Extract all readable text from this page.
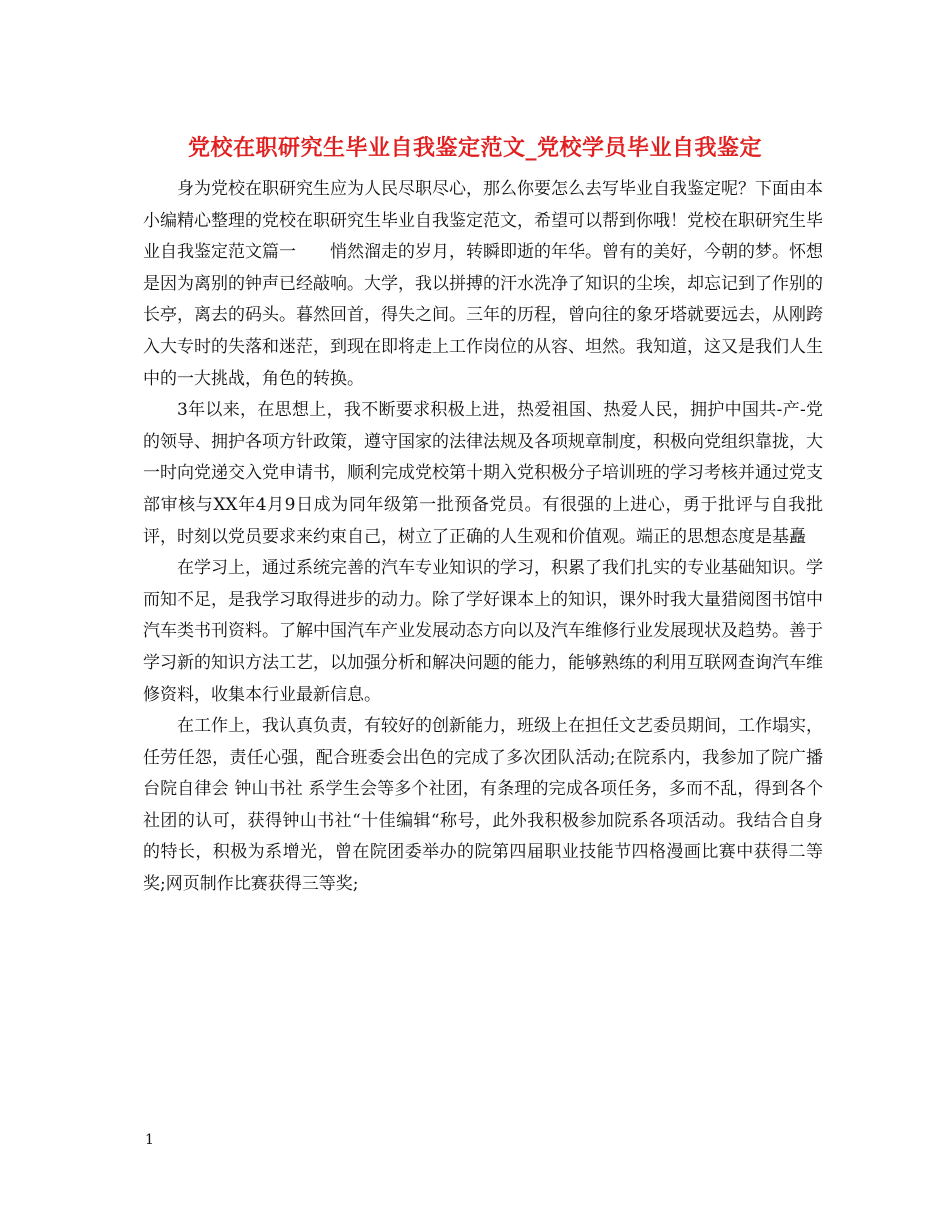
党校在职研究生毕业自我鉴定范文_党校学员毕业自我鉴定

身为党校在职研究生应为人民尽职尽心，那么你要怎么去写毕业自我鉴定呢？下面由本小编精心整理的党校在职研究生毕业自我鉴定范文，希望可以帮到你哦！党校在职研究生毕业自我鉴定范文篇一　　悄然溜走的岁月，转瞬即逝的年华。曾有的美好，今朝的梦。怀想是因为离别的钟声已经敲响。大学，我以拼搏的汗水洗净了知识的尘埃，却忘记到了作别的长亭，离去的码头。暮然回首，得失之间。三年的历程，曾向往的象牙塔就要远去，从刚跨入大专时的失落和迷茫，到现在即将走上工作岗位的从容、坦然。我知道，这又是我们人生中的一大挑战，角色的转换。

3年以来，在思想上，我不断要求积极上进，热爱祖国、热爱人民，拥护中国共-产-党的领导、拥护各项方针政策，遵守国家的法律法规及各项规章制度，积极向党组织靠拢，大一时向党递交入党申请书，顺利完成党校第十期入党积极分子培训班的学习考核并通过党支部审核与XX年4月9日成为同年级第一批预备党员。有很强的上进心，勇于批评与自我批评，时刻以党员要求来约束自己，树立了正确的人生观和价值观。端正的思想态度是基矗

在学习上，通过系统完善的汽车专业知识的学习，积累了我们扎实的专业基础知识。学而知不足，是我学习取得进步的动力。除了学好课本上的知识，课外时我大量猎阅图书馆中汽车类书刊资料。了解中国汽车产业发展动态方向以及汽车维修行业发展现状及趋势。善于学习新的知识方法工艺，以加强分析和解决问题的能力，能够熟练的利用互联网查询汽车维修资料，收集本行业最新信息。

在工作上，我认真负责，有较好的创新能力，班级上在担任文艺委员期间，工作塌实，任劳任怨，责任心强，配合班委会出色的完成了多次团队活动;在院系内，我参加了院广播台院自律会 钟山书社 系学生会等多个社团，有条理的完成各项任务，多而不乱，得到各个社团的认可，获得钟山书社“十佳编辑“称号，此外我积极参加院系各项活动。我结合自身的特长，积极为系增光，曾在院团委举办的院第四届职业技能节四格漫画比赛中获得二等奖;网页制作比赛获得三等奖;

1
